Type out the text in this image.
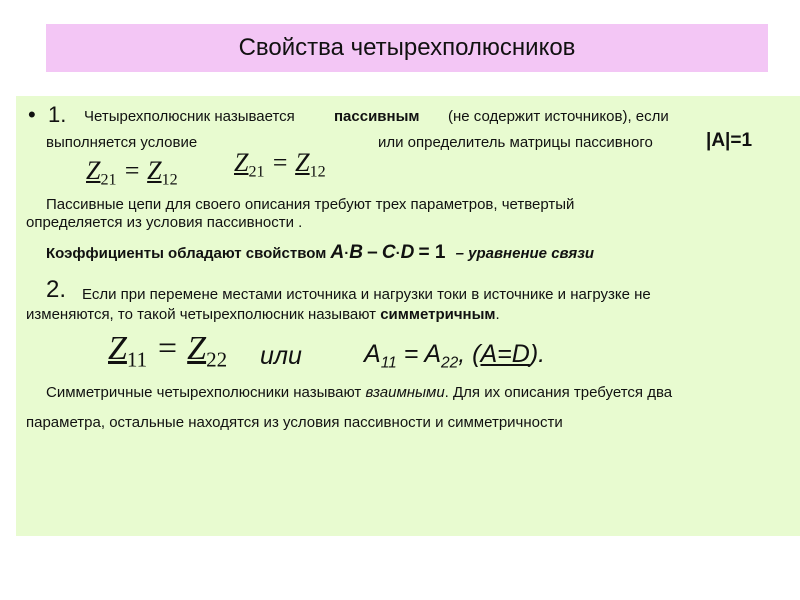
Свойства четырехполюсников
• 1. Четырехполюсник называется	пассивным (не содержит источников), если
выполняется условие	или определитель матрицы пассивного	|A|=1
$Z_{21} = Z_{12}$
$Z_{21} = Z_{12}$
Пассивные цепи для своего описания требуют трех параметров, четвертый
определяется из условия пассивности .
Коэффициенты обладают свойством A·B – C·D = 1 – уравнение связи
2. Если при перемене местами источника и нагрузки токи в источнике и нагрузке не
изменяются, то такой четырехполюсник называют симметричным.
$Z_{11} = Z_{22}$ или $A_{11} = A_{22}$, (A=D).
Симметричные четырехполюсники называют взаимными. Для их описания требуется два
параметра, остальные находятся из условия пассивности и симметричности
